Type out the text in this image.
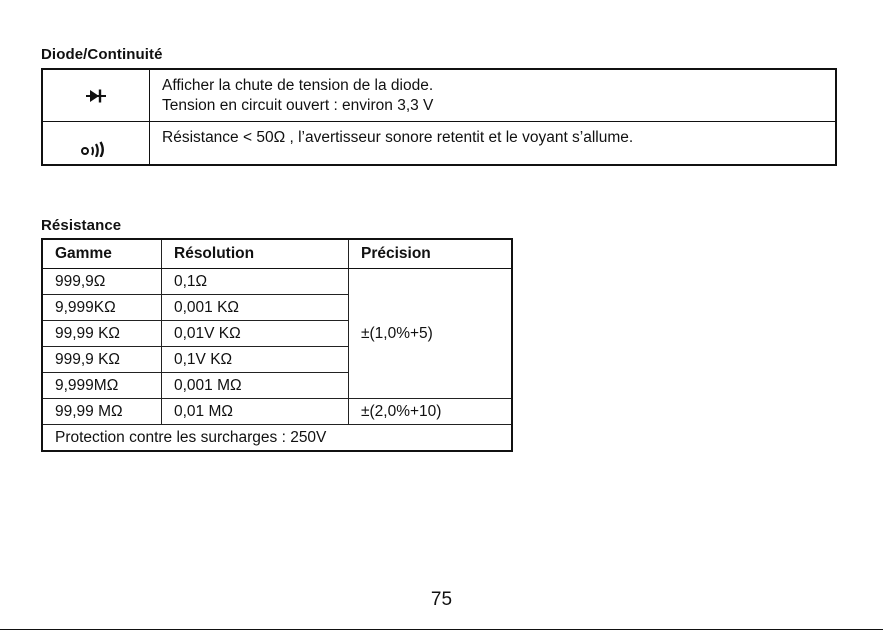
Diode/Continuité

Afficher la chute de tension de la diode.
Tension en circuit ouvert : environ 3,3 V

Résistance < 50Ω , l’avertisseur sonore retentit et le voyant s’allume.
Résistance
Gamme	Résolution	Précision
999,9Ω	0,1Ω	±(1,0%+5)
9,999KΩ	0,001 KΩ	
99,99 KΩ	0,01V KΩ	
999,9 KΩ	0,1V KΩ	
9,999MΩ	0,001 MΩ	
99,99 MΩ	0,01 MΩ	±(2,0%+10)
Protection contre les surcharges : 250V		
75
